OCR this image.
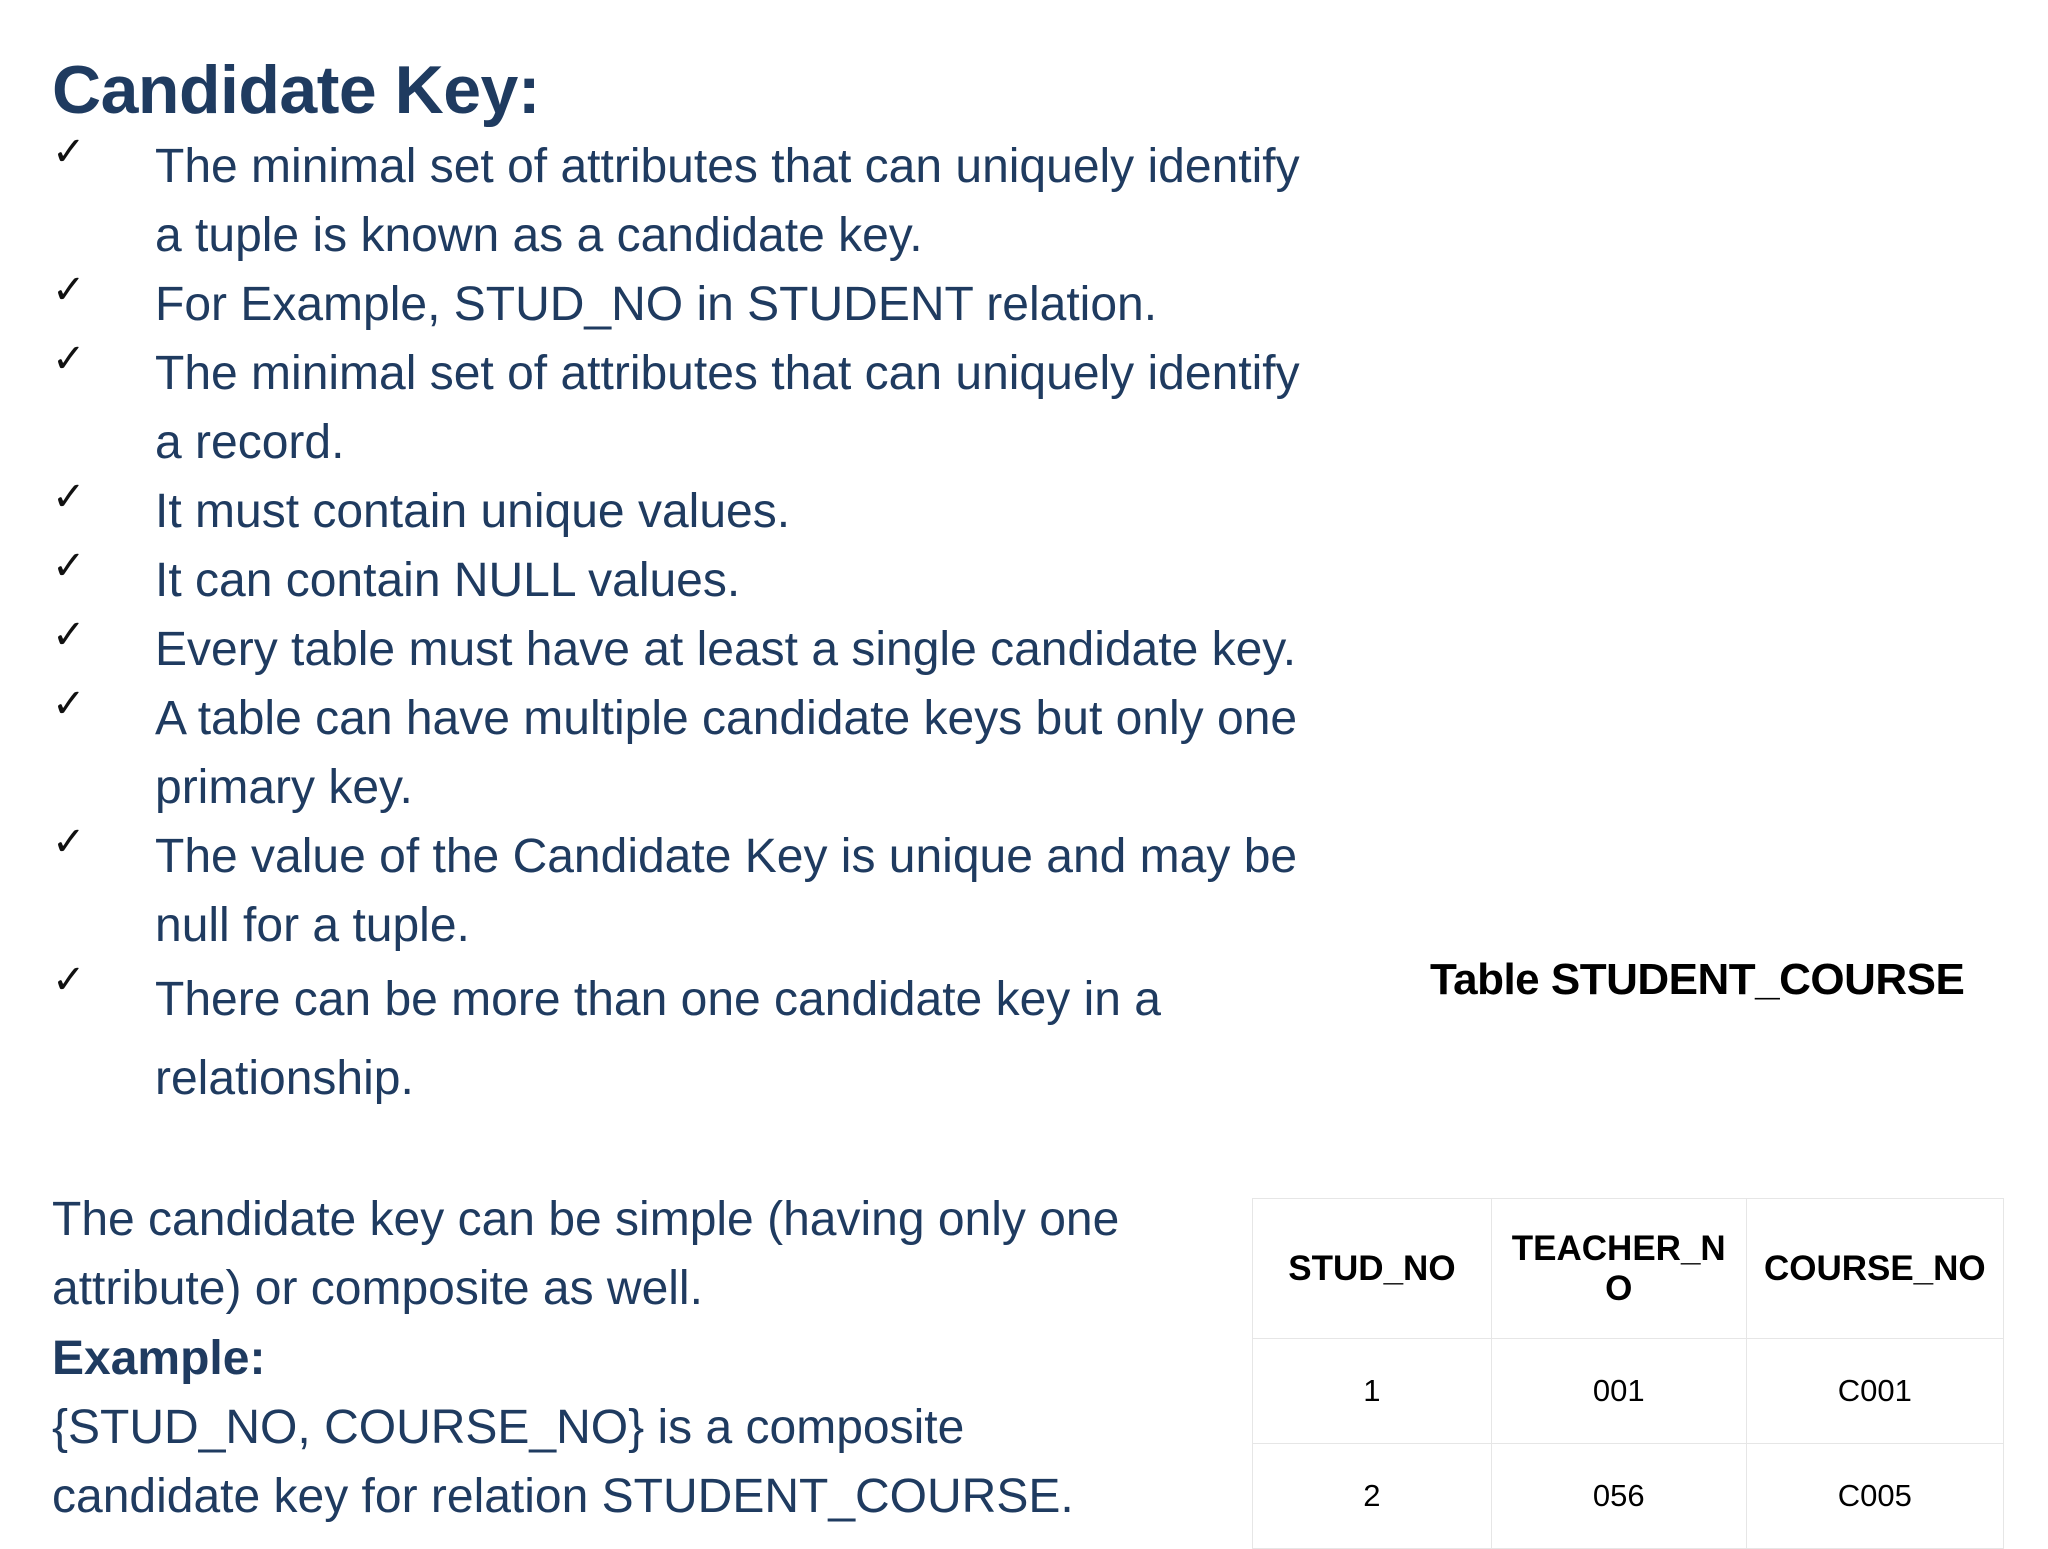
Candidate Key:
✓ The minimal set of attributes that can uniquely identify a tuple is known as a candidate key.
✓ For Example, STUD_NO in STUDENT relation.
✓ The minimal set of attributes that can uniquely identify a record.
✓ It must contain unique values.
✓ It can contain NULL values.
✓ Every table must have at least a single candidate key.
✓ A table can have multiple candidate keys but only one primary key.
✓ The value of the Candidate Key is unique and may be null for a tuple.
✓ There can be more than one candidate key in a relationship.

The candidate key can be simple (having only one attribute) or composite as well.

Example:

{STUD_NO, COURSE_NO} is a composite candidate key for relation STUDENT_COURSE.

Table STUDENT_COURSE
STUD_NO	TEACHER_N O	COURSE_NO
1	001	C001
2	056	C005
